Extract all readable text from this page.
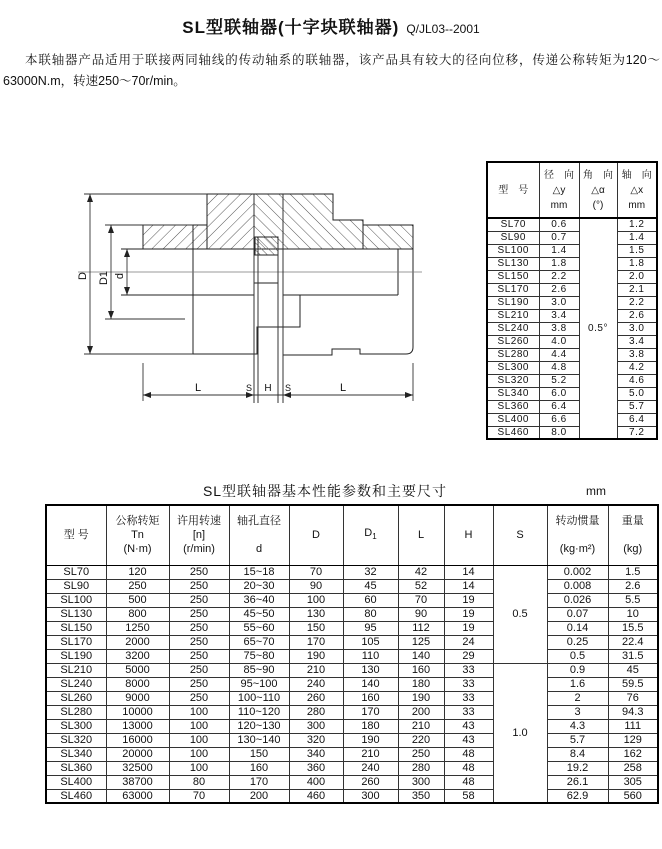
SL型联轴器(十字块联轴器) Q/JL03--2001

本联轴器产品适用于联接两同轴线的传动轴系的联轴器，该产品具有较大的径向位移，传递公称转矩为120～63000N.m，转速250～70r/min。

D D1 d
L	S H S	L
型　号

径　向
△y
mm

角　向
△α
(°)

轴　向
△x
mm

SL70	0.6	0.5°	1.2
SL90	0.7		1.4
SL100	1.4		1.5
SL130	1.8		1.8
SL150	2.2		2.0
SL170	2.6		2.1
SL190	3.0		2.2
SL210	3.4		2.6
SL240	3.8		3.0
SL260	4.0		3.4
SL280	4.4		3.8
SL300	4.8		4.2
SL320	5.2		4.6
SL340	6.0		5.0
SL360	6.4		5.7
SL400	6.6		6.4
SL460	8.0		7.2
SL型联轴器基本性能参数和主要尺寸	mm
型 号

公称转矩
Tn
(N·m)

许用转速
[n]
(r/min)

轴孔直径

d

D	$D_1$	L	H	S

转动惯量

(kg·m²)

重量

(kg)

SL70	120	250	15~18	70	32	42	14	0.5	0.002	1.5
SL90	250	250	20~30	90	45	52	14		0.008	2.6
SL100	500	250	36~40	100	60	70	19		0.026	5.5
SL130	800	250	45~50	130	80	90	19		0.07	10
SL150	1250	250	55~60	150	95	112	19		0.14	15.5
SL170	2000	250	65~70	170	105	125	24		0.25	22.4
SL190	3200	250	75~80	190	110	140	29		0.5	31.5
SL210	5000	250	85~90	210	130	160	33	1.0	0.9	45
SL240	8000	250	95~100	240	140	180	33		1.6	59.5
SL260	9000	250	100~110	260	160	190	33		2	76
SL280	10000	100	110~120	280	170	200	33		3	94.3
SL300	13000	100	120~130	300	180	210	43		4.3	111
SL320	16000	100	130~140	320	190	220	43		5.7	129
SL340	20000	100	150	340	210	250	48		8.4	162
SL360	32500	100	160	360	240	280	48		19.2	258
SL400	38700	80	170	400	260	300	48		26.1	305
SL460	63000	70	200	460	300	350	58		62.9	560
